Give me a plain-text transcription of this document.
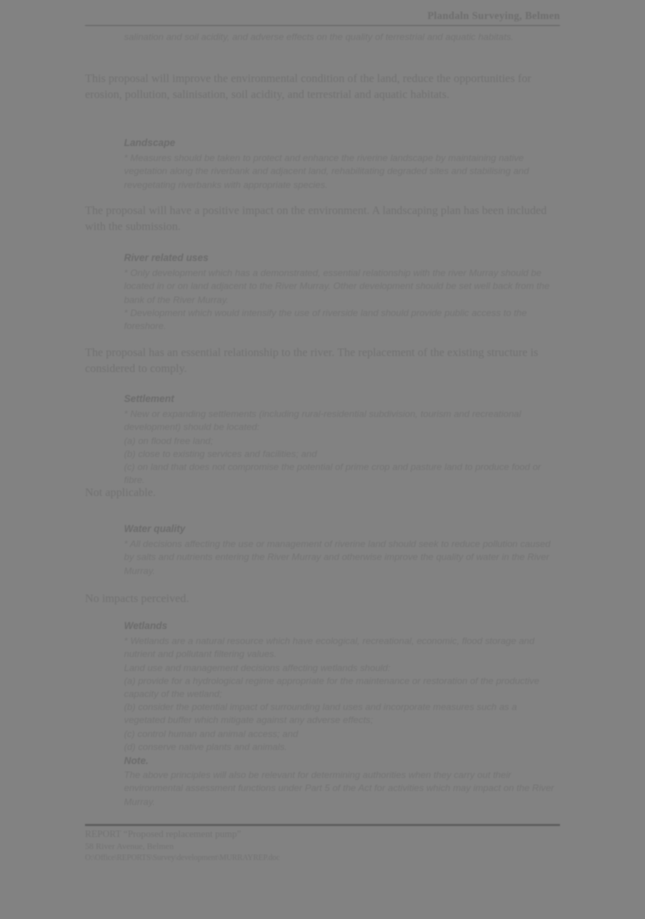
Plandaln Surveying, Belmen

salination and soil acidity, and adverse effects on the quality of terrestrial and aquatic habitats.

This proposal will improve the environmental condition of the land, reduce the opportunities for erosion, pollution, salinisation, soil acidity, and terrestrial and aquatic habitats.
Landscape

* Measures should be taken to protect and enhance the riverine landscape by maintaining native vegetation along the riverbank and adjacent land, rehabilitating degraded sites and stabilising and revegetating riverbanks with appropriate species.

The proposal will have a positive impact on the environment. A landscaping plan has been included with the submission.
River related uses

* Only development which has a demonstrated, essential relationship with the river Murray should be located in or on land adjacent to the River Murray. Other development should be set well back from the bank of the River Murray.

* Development which would intensify the use of riverside land should provide public access to the foreshore.

The proposal has an essential relationship to the river. The replacement of the existing structure is considered to comply.
Settlement

* New or expanding settlements (including rural-residential subdivision, tourism and recreational development) should be located:

(a) on flood free land;

(b) close to existing services and facilities; and

(c) on land that does not compromise the potential of prime crop and pasture land to produce food or fibre.

Not applicable.
Water quality

* All decisions affecting the use or management of riverine land should seek to reduce pollution caused by salts and nutrients entering the River Murray and otherwise improve the quality of water in the River Murray.

No impacts perceived.
Wetlands

* Wetlands are a natural resource which have ecological, recreational, economic, flood storage and nutrient and pollutant filtering values.

Land use and management decisions affecting wetlands should:

(a) provide for a hydrological regime appropriate for the maintenance or restoration of the productive capacity of the wetland;

(b) consider the potential impact of surrounding land uses and incorporate measures such as a vegetated buffer which mitigate against any adverse effects;

(c) control human and animal access; and

(d) conserve native plants and animals.

Note.

The above principles will also be relevant for determining authorities when they carry out their environmental assessment functions under Part 5 of the Act for activities which may impact on the River Murray.

REPORT “Proposed replacement pump”
58 River Avenue, Belmen
O:\Office\REPORTS\Survey\development\MURRAYREP.doc
